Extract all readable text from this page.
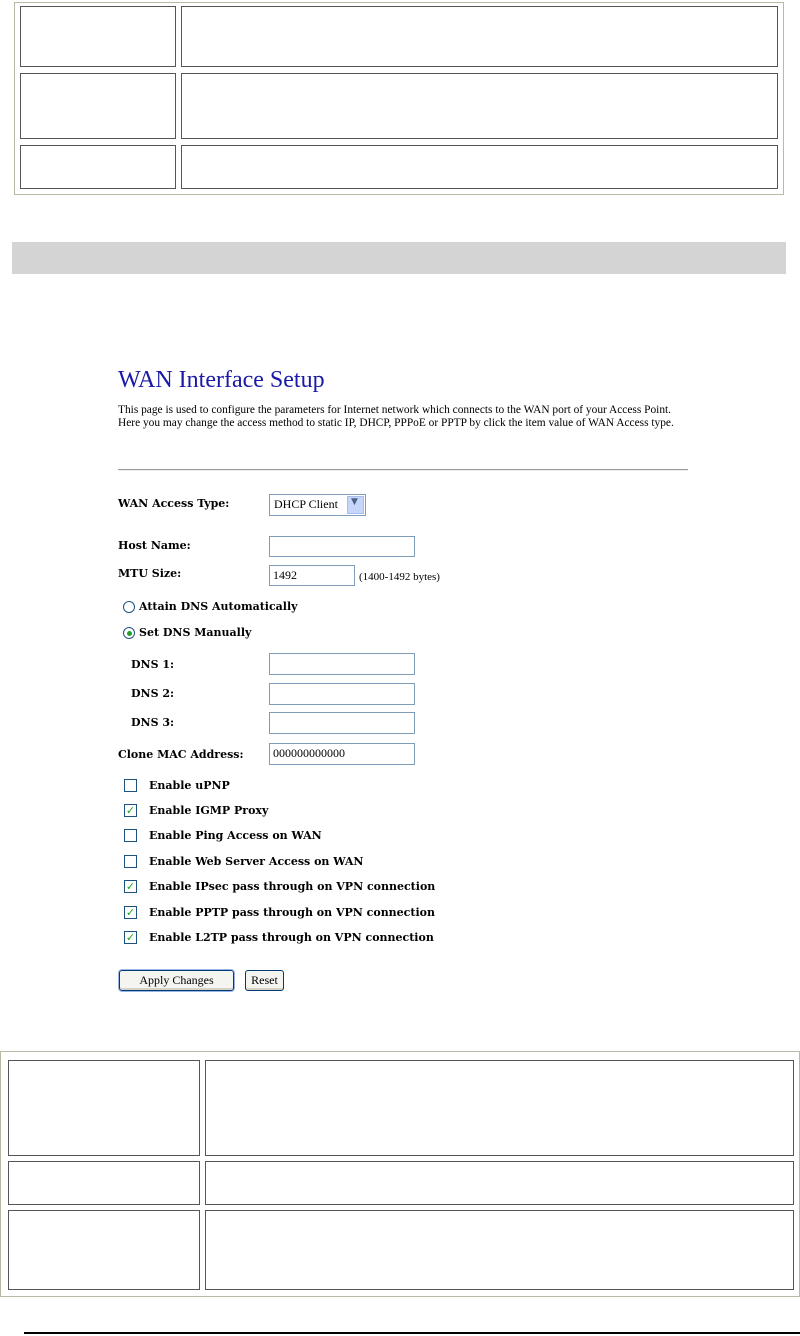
WAN Interface Setup
This page is used to configure the parameters for Internet network which connects to the WAN port of your Access Point. Here you may change the access method to static IP, DHCP, PPPoE or PPTP by click the item value of WAN Access type.
WAN Access Type:	DHCP Client ▼
Host Name:
MTU Size:	1492	(1400-1492 bytes)
Attain DNS Automatically
Set DNS Manually
DNS 1:
DNS 2:
DNS 3:
Clone MAC Address:	000000000000
Enable uPNP
✓ Enable IGMP Proxy
Enable Ping Access on WAN
Enable Web Server Access on WAN
✓ Enable IPsec pass through on VPN connection
✓ Enable PPTP pass through on VPN connection
✓ Enable L2TP pass through on VPN connection
Apply Changes	Reset
